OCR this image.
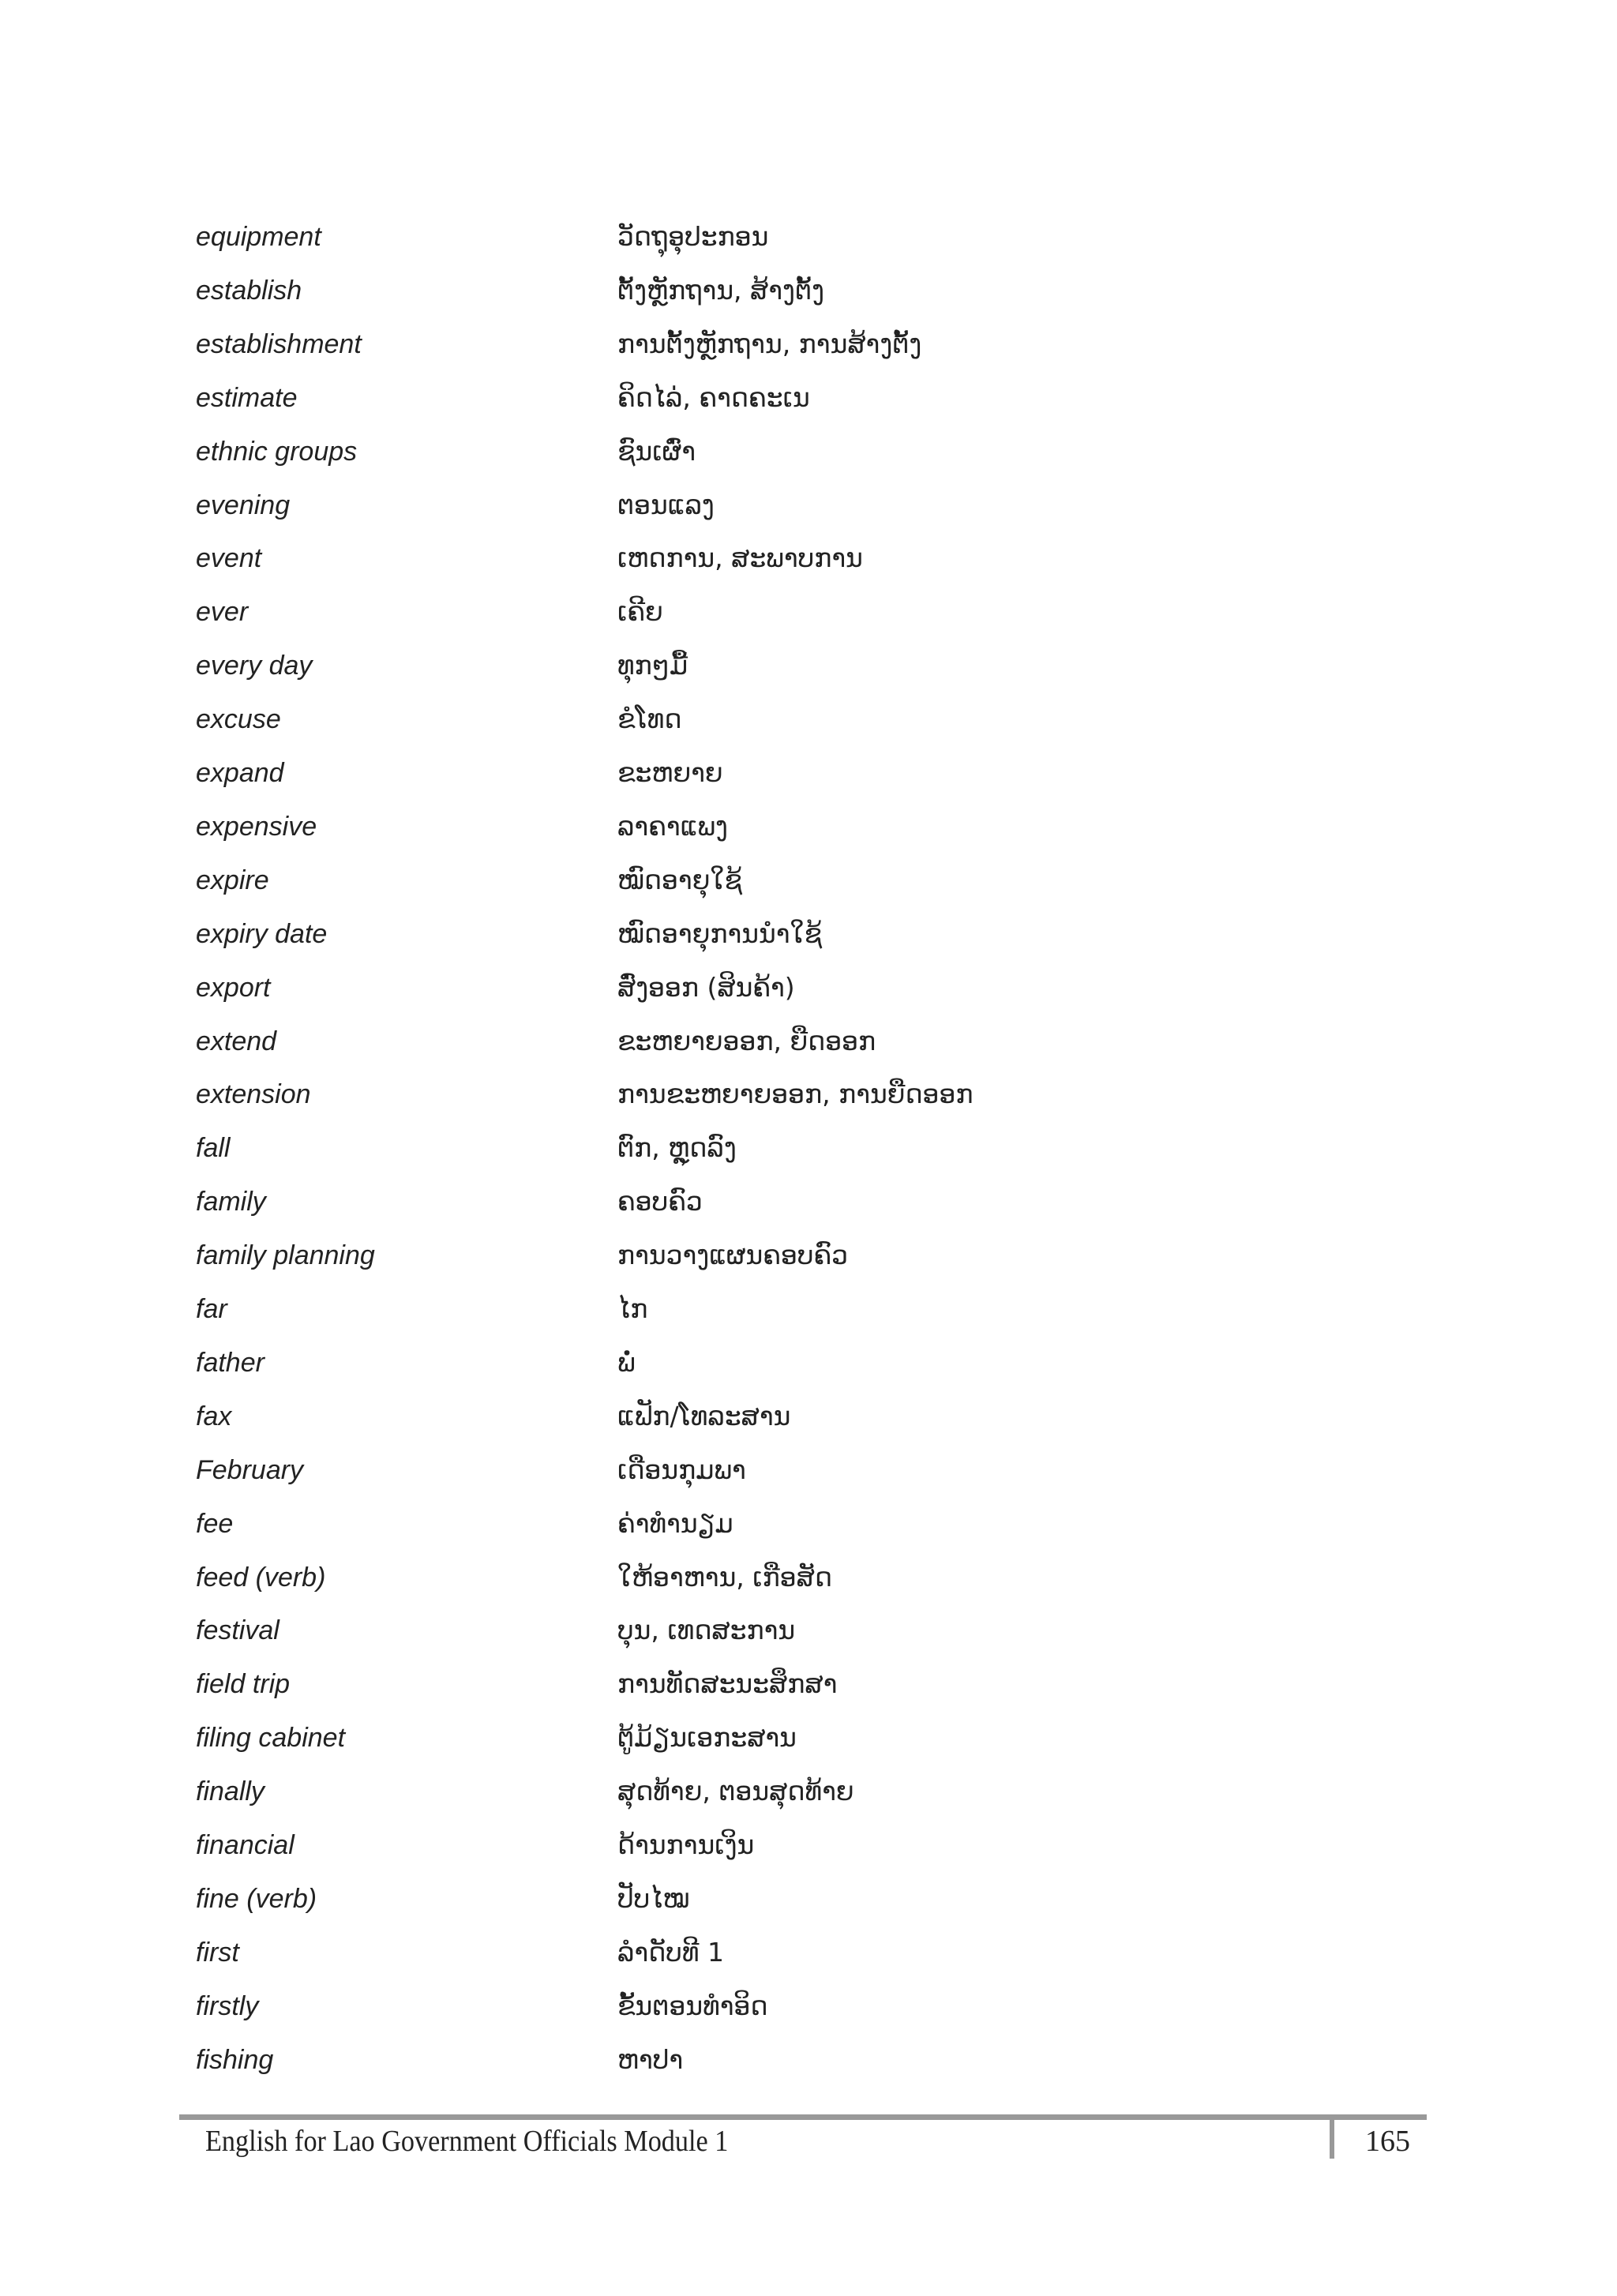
equipment	ວັດຖຸອຸປະກອນ
establish	ຕັ້ງຫຼັກຖານ, ສ້າງຕັ້ງ
establishment	ການຕັ້ງຫຼັກຖານ, ການສ້າງຕັ້ງ
estimate	ຄິດໄລ່, ຄາດຄະເນ
ethnic groups	ຊົນເຜົ່າ
evening	ຕອນແລງ
event	ເຫດການ, ສະພາບການ
ever	ເຄີຍ
every day	ທຸກໆມື້
excuse	ຂໍໂທດ
expand	ຂະຫຍາຍ
expensive	ລາຄາແພງ
expire	ໝົດອາຍຸໃຊ້
expiry date	ໝົດອາຍຸການນຳໃຊ້
export	ສົ່ງອອກ (ສິນຄ້າ)
extend	ຂະຫຍາຍອອກ, ຍືດອອກ
extension	ການຂະຫຍາຍອອກ, ການຍືດອອກ
fall	ຕົກ, ຫຼຸດລົງ
family	ຄອບຄົວ
family planning	ການວາງແຜນຄອບຄົວ
far	ໄກ
father	ພໍ່
fax	ແຟັກ/ໂທລະສານ
February	ເດືອນກຸມພາ
fee	ຄ່າທຳນຽມ
feed (verb)	ໃຫ້ອາຫານ, ເກືອສັດ
festival	ບຸນ, ເທດສະການ
field trip	ການທັດສະນະສຶກສາ
filing cabinet	ຕູ້ມ້ຽນເອກະສານ
finally	ສຸດທ້າຍ, ຕອນສຸດທ້າຍ
financial	ດ້ານການເງິນ
fine (verb)	ປັບໄໝ
first	ລຳດັບທີ 1
firstly	ຂັ້ນຕອນທຳອິດ
fishing	ຫາປາ
English for Lao Government Officials Module 1	165
